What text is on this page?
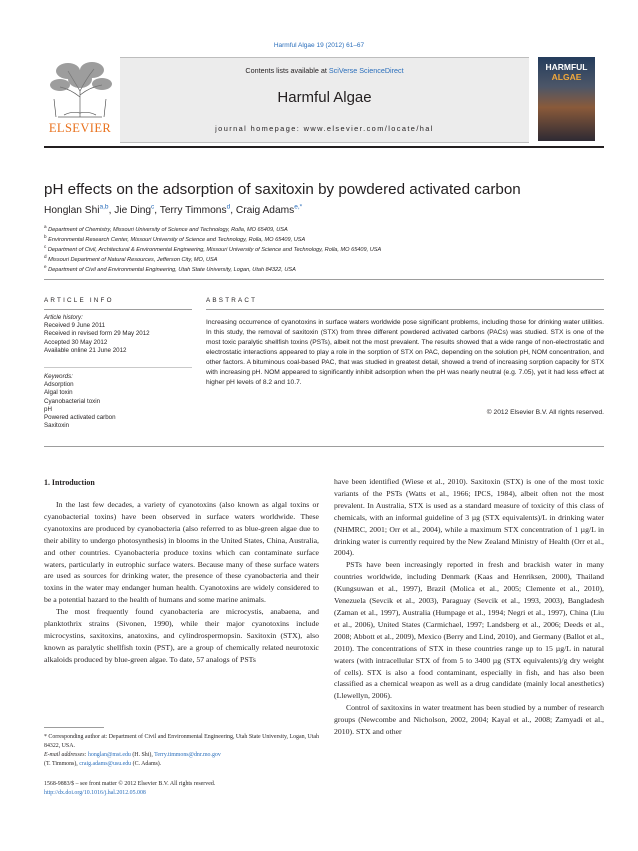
Harmful Algae 19 (2012) 61–67
ELSEVIER
Contents lists available at SciVerse ScienceDirect
Harmful Algae
journal homepage: www.elsevier.com/locate/hal
HARMFUL
ALGAE
pH effects on the adsorption of saxitoxin by powdered activated carbon
Honglan Shi$^{a,b}$, Jie Ding$^c$, Terry Timmons$^d$, Craig Adams$^{e,*}$
$^a$ Department of Chemistry, Missouri University of Science and Technology, Rolla, MO 65409, USA
$^b$ Environmental Research Center, Missouri University of Science and Technology, Rolla, MO 65409, USA
$^c$ Department of Civil, Architectural & Environmental Engineering, Missouri University of Science and Technology, Rolla, MO 65409, USA
$^d$ Missouri Department of Natural Resources, Jefferson City, MO, USA
$^e$ Department of Civil and Environmental Engineering, Utah State University, Logan, Utah 84322, USA
ARTICLE INFO
Article history:
Received 9 June 2011
Received in revised form 29 May 2012
Accepted 30 May 2012
Available online 21 June 2012
Keywords:
Adsorption
Algal toxin
Cyanobacterial toxin
pH
Powered activated carbon
Saxitoxin
ABSTRACT
Increasing occurrence of cyanotoxins in surface waters worldwide pose significant problems, including those for drinking water utilities. In this study, the removal of saxitoxin (STX) from three different powdered activated carbons (PACs) was studied. STX is one of the most toxic paralytic shellfish toxins (PSTs), albeit not the most prevalent. The results showed that a wide range of non-electrostatic and electrostatic interactions appeared to play a role in the sorption of STX on PAC, depending on the solution pH, NOM concentration, and other factors. A bituminous coal-based PAC, that was studied in greatest detail, showed a trend of increasing sorption capacity for STX with increasing pH. NOM appeared to significantly inhibit adsorption when the pH was nearly neutral (e.g. 7.05), yet it had less effect at higher pH levels of 8.2 and 10.7.
© 2012 Elsevier B.V. All rights reserved.
1. Introduction

In the last few decades, a variety of cyanotoxins (also known as algal toxins or cyanobacterial toxins) have been observed in surface waters worldwide. These cyanotoxins are produced by cyanobacteria (also referred to as blue-green algae due to their ability to undergo photosynthesis) in blooms in the United States, China, Australia, and other countries. Cyanobacteria produce toxins which can contaminate surface waters, particularly in eutrophic surface waters. Because many of these surface waters are used as sources for drinking water, the presence of these cyanobacteria and their toxins in the water may endanger human health. Cyanotoxins are widely considered to be a potential hazard to the health of humans and some marine animals.

The most frequently found cyanobacteria are microcystis, anabaena, and planktothrix strains (Sivonen, 1990), while their major cyanotoxins include microcystins, saxitoxins, anatoxins, and cylindrospermopsin. Saxitoxin (STX), also known as paralytic shellfish toxin (PST), are a group of chemically related neurotoxic alkaloids produced by blue-green algae. To date, 57 analogs of PSTs

* Corresponding author at: Department of Civil and Environmental Engineering, Utah State University, Logan, Utah 84322, USA.
E-mail addresses: honglan@mst.edu (H. Shi), Terry.timmons@dnr.mo.gov
(T. Timmons), craig.adams@usu.edu (C. Adams).
1568-9883/$ – see front matter © 2012 Elsevier B.V. All rights reserved.
http://dx.doi.org/10.1016/j.hal.2012.05.008

have been identified (Wiese et al., 2010). Saxitoxin (STX) is one of the most toxic variants of the PSTs (Watts et al., 1966; IPCS, 1984), albeit often not the most prevalent. In Australia, STX is used as a standard measure of toxicity of this class of chemicals, with an informal guideline of 3 µg (STX equivalents)/L in drinking water (NHMRC, 2001; Orr et al., 2004), while a maximum STX concentration of 1 µg/L in drinking water is currently required by the New Zealand Ministry of Health (Orr et al., 2004).

PSTs have been increasingly reported in fresh and brackish water in many countries worldwide, including Denmark (Kaas and Henriksen, 2000), Thailand (Kungsuwan et al., 1997), Brazil (Molica et al., 2005; Clemente et al., 2010), Venezuela (Sevcik et al., 2003), Paraguay (Sevcik et al., 1993, 2003), Bangladesh (Zaman et al., 1997), Australia (Humpage et al., 1994; Negri et al., 1997), China (Liu et al., 2006), United States (Carmichael, 1997; Landsberg et al., 2006; Deeds et al., 2008; Abbott et al., 2009), Mexico (Berry and Lind, 2010), and Germany (Ballot et al., 2010). The concentrations of STX in these countries range up to 15 µg/L in natural waters (with intracellular STX of from 5 to 3400 µg (STX equivalents)/g dry weight of cells). STX is also a food contaminant, especially in fish, and has also been classified as a chemical weapon as well as a drug candidate (mainly local anesthetics) (Llewellyn, 2006).

Control of saxitoxins in water treatment has been studied by a number of research groups (Newcombe and Nicholson, 2002, 2004; Kayal et al., 2008; Zamyadi et al., 2010). STX and other
